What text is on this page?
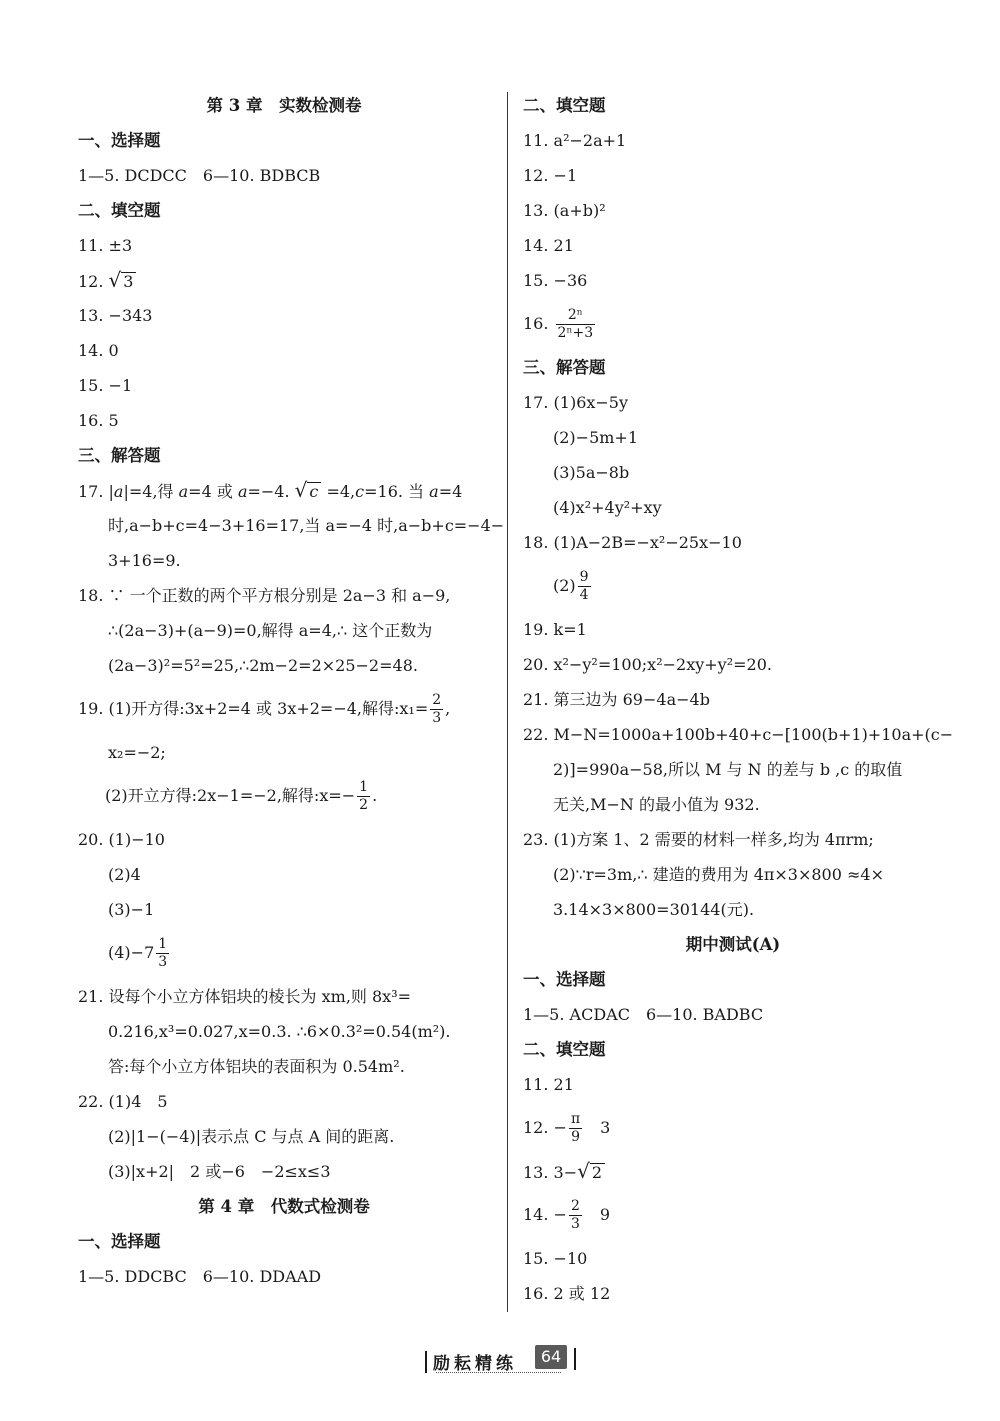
第 3 章　实数检测卷
一、选择题
1—5. DCDCC　6—10. BDBCB
二、填空题
11. ±3
12. √ 3
13. −343
14. 0
15. −1
16. 5
三、解答题
17. |a|=4,得 a=4 或 a=−4. √ c =4,c=16. 当 a=4
时,a−b+c=4−3+16=17,当 a=−4 时,a−b+c=−4−
3+16=9.
18. ∵ 一个正数的两个平方根分别是 2a−3 和 a−9,
∴(2a−3)+(a−9)=0,解得 a=4,∴ 这个正数为
(2a−3)²=5²=25,∴2m−2=2×25−2=48.
19. (1)开方得:3x+2=4 或 3x+2=−4,解得:x₁= $\frac{2}{3}$ ,
x₂=−2;
(2)开立方得:2x−1=−2,解得:x=− $\frac{1}{2}$ .
20. (1)−10
(2)4
(3)−1
$(4)-7 \frac{1}{3}$
21. 设每个小立方体铝块的棱长为 xm,则 8x³=
0.216,x³=0.027,x=0.3. ∴6×0.3²=0.54(m²).
答:每个小立方体铝块的表面积为 0.54m².
22. (1)4　5
(2)|1−(−4)|表示点 C 与点 A 间的距离.
(3)|x+2|　2 或−6　−2≤x≤3
第 4 章　代数式检测卷
一、选择题
1—5. DDCBC　6—10. DDAAD
二、填空题
11. a²−2a+1
12. −1
13. (a+b)²
14. 21
15. −36
16. $\frac{\text{2ⁿ}}{\text{2ⁿ+3}}$
三、解答题
17. (1)6x−5y
(2)−5m+1
(3)5a−8b
(4)x²+4y²+xy
18. (1)A−2B=−x²−25x−10
$(2) \frac{9}{4}$
19. k=1
20. x²−y²=100;x²−2xy+y²=20.
21. 第三边为 69−4a−4b
22. M−N=1000a+100b+40+c−[100(b+1)+10a+(c−
2)]=990a−58,所以 M 与 N 的差与 b ,c 的取值
无关,M−N 的最小值为 932.
23. (1)方案 1、2 需要的材料一样多,均为 4πrm;
(2)∵r=3m,∴ 建造的费用为 4π×3×800 ≈4×
3.14×3×800=30144(元).
期中测试(A)
一、选择题
1—5. ACDAC　6—10. BADBC
二、填空题
11. 21
12. − $\frac{\pi}{9}$ 　3
13. 3−√ 2
14. − $\frac{2}{3}$ 　9
15. −10
16. 2 或 12
励耘精练	64
